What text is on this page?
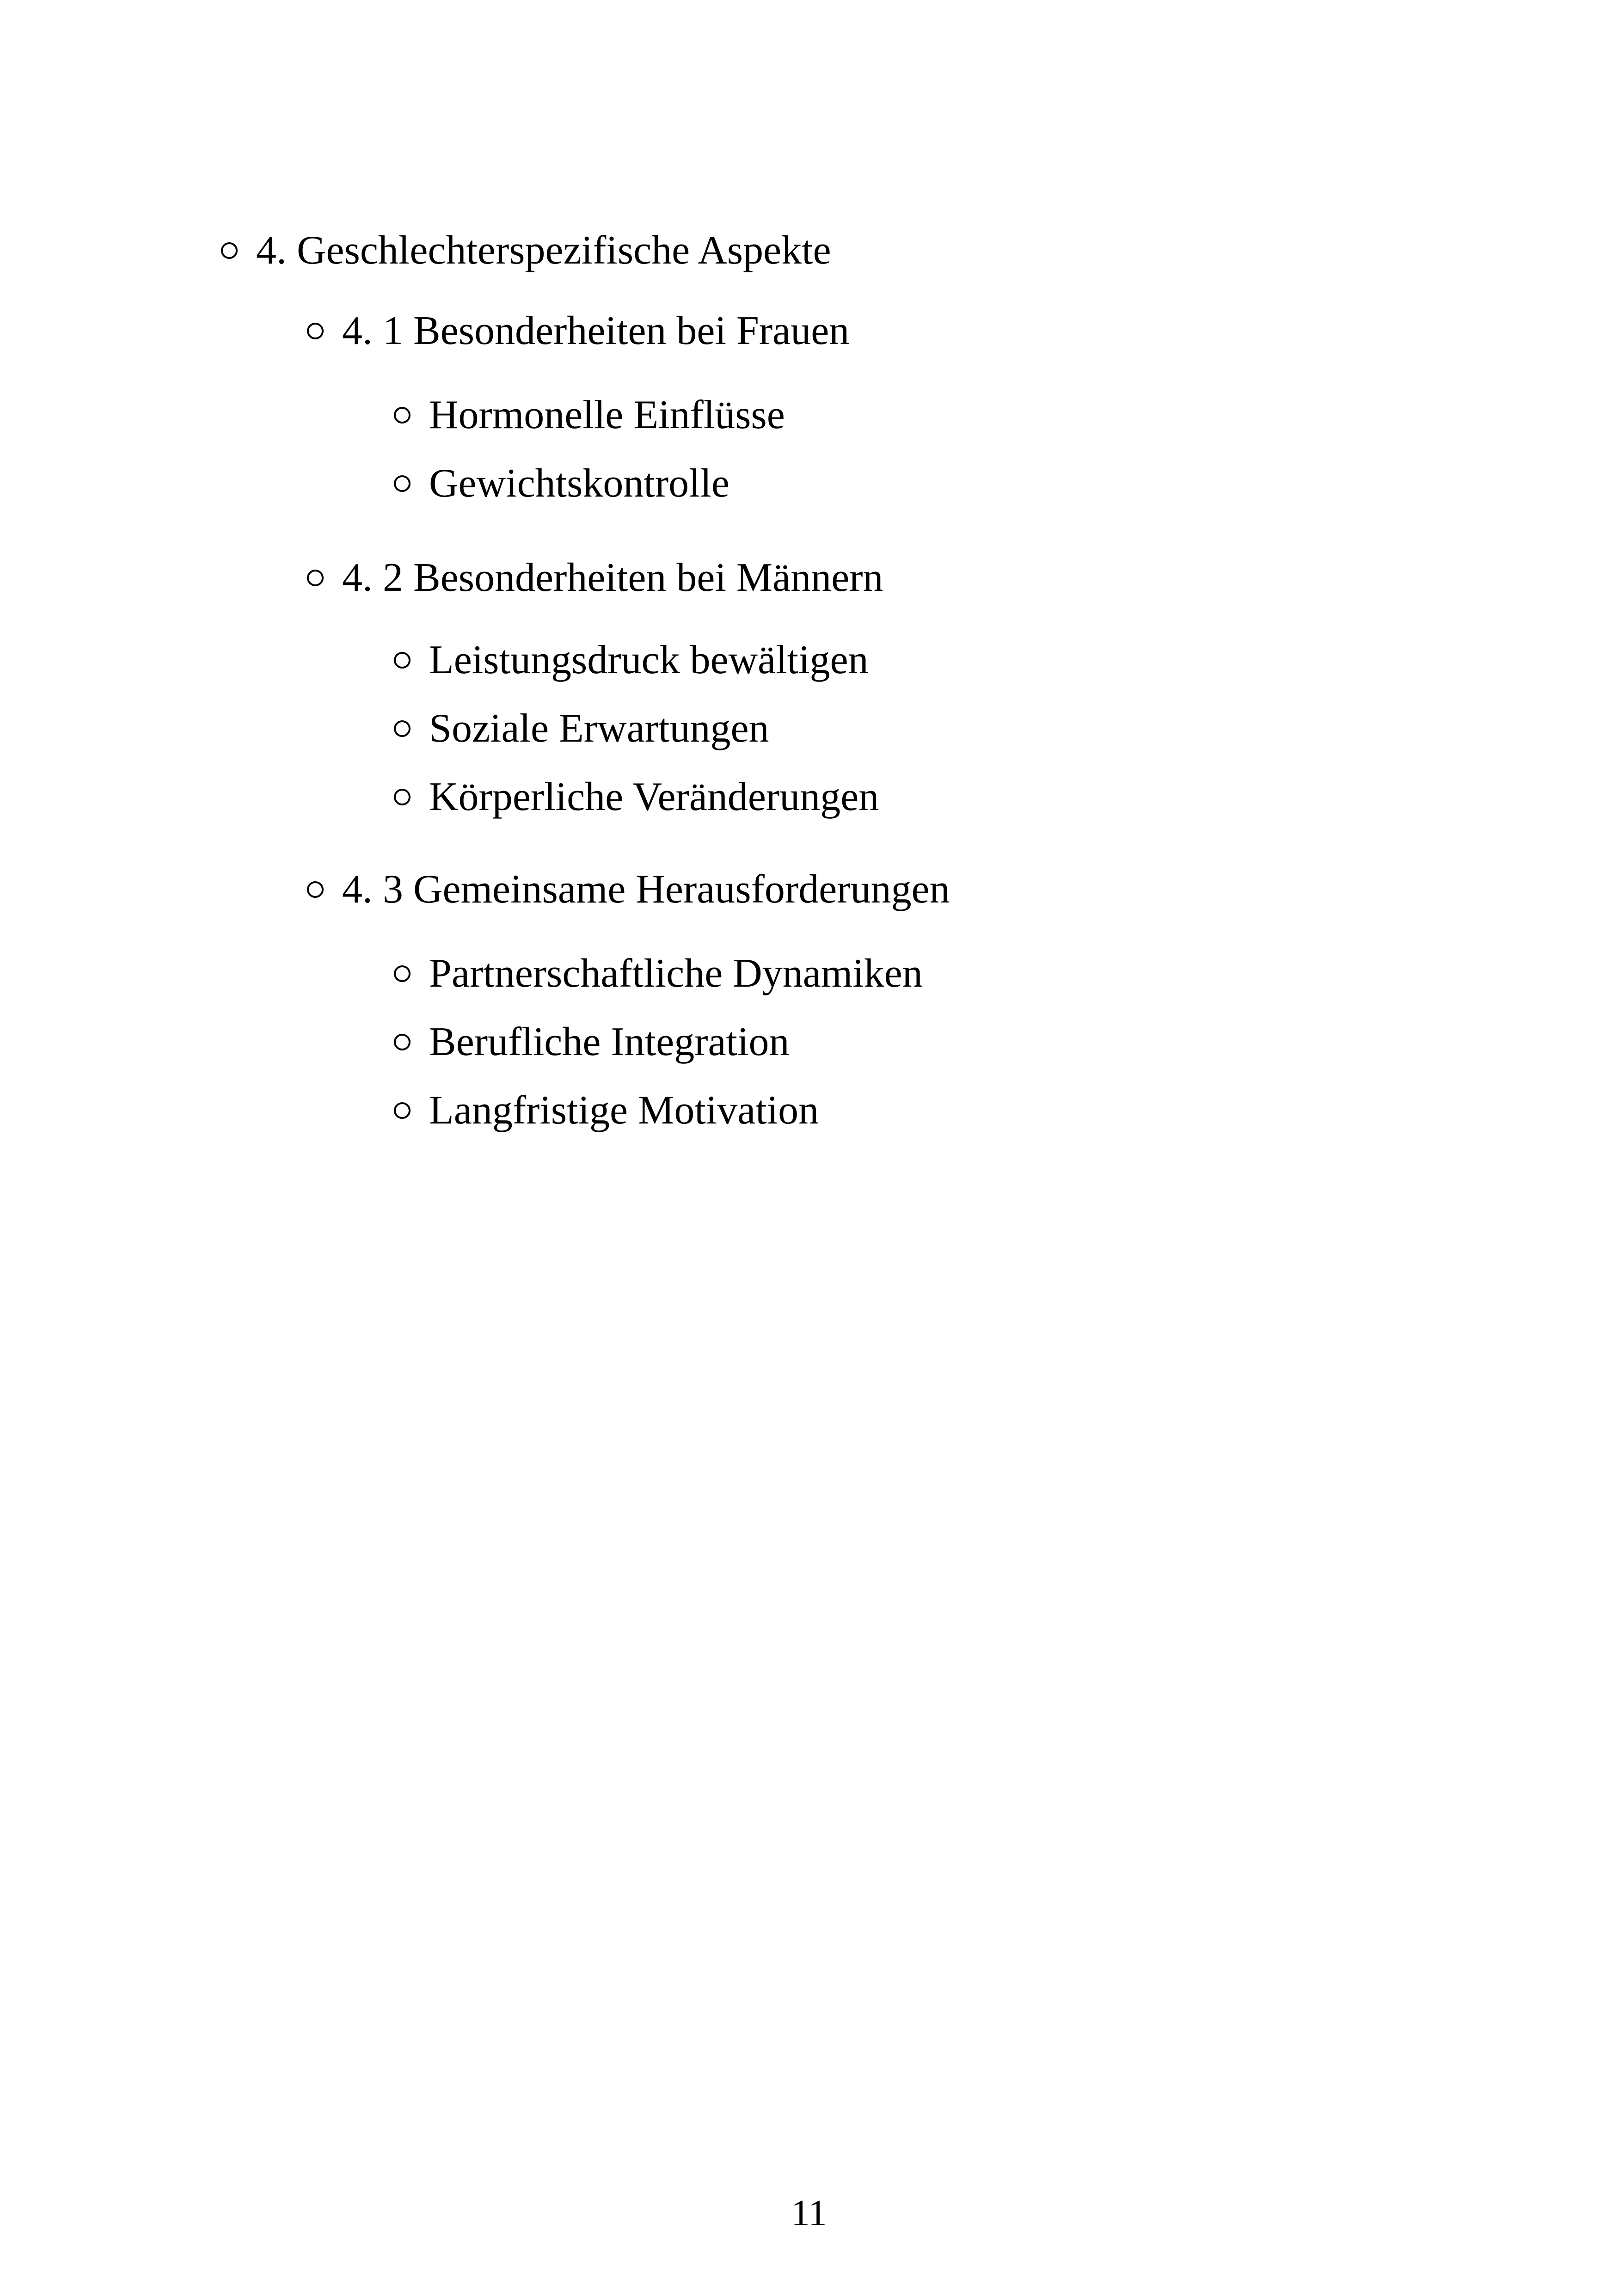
4. Geschlechterspezifische Aspekte
4. 1 Besonderheiten bei Frauen
Hormonelle Einflüsse
Gewichtskontrolle
4. 2 Besonderheiten bei Männern
Leistungsdruck bewältigen
Soziale Erwartungen
Körperliche Veränderungen
4. 3 Gemeinsame Herausforderungen
Partnerschaftliche Dynamiken
Berufliche Integration
Langfristige Motivation
11
